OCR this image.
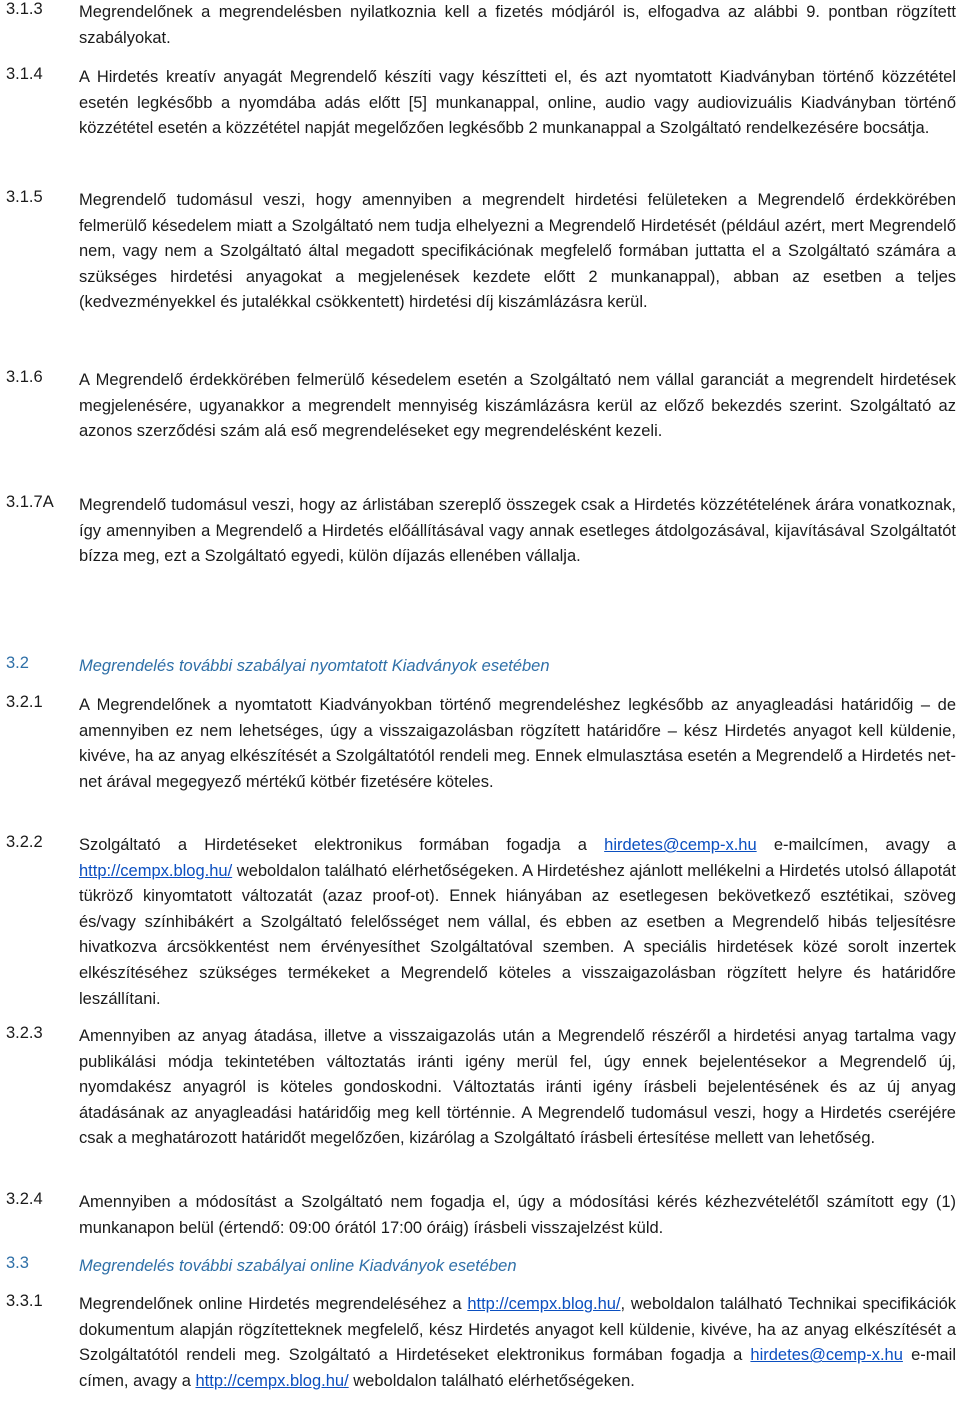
3.1.3 Megrendelőnek a megrendelésben nyilatkoznia kell a fizetés módjáról is, elfogadva az alábbi 9. pontban rögzített szabályokat.
3.1.4 A Hirdetés kreatív anyagát Megrendelő készíti vagy készítteti el, és azt nyomtatott Kiadványban történő közzététel esetén legkésőbb a nyomdába adás előtt [5] munkanappal, online, audio vagy audiovizuális Kiadványban történő közzététel esetén a közzététel napját megelőzően legkésőbb 2 munkanappal a Szolgáltató rendelkezésére bocsátja.
3.1.5 Megrendelő tudomásul veszi, hogy amennyiben a megrendelt hirdetési felületeken a Megrendelő érdekkörében felmerülő késedelem miatt a Szolgáltató nem tudja elhelyezni a Megrendelő Hirdetését (például azért, mert Megrendelő nem, vagy nem a Szolgáltató által megadott specifikációnak megfelelő formában juttatta el a Szolgáltató számára a szükséges hirdetési anyagokat a megjelenések kezdete előtt 2 munkanappal), abban az esetben a teljes (kedvezményekkel és jutalékkal csökkentett) hirdetési díj kiszámlázásra kerül.
3.1.6 A Megrendelő érdekkörében felmerülő késedelem esetén a Szolgáltató nem vállal garanciát a megrendelt hirdetések megjelenésére, ugyanakkor a megrendelt mennyiség kiszámlázásra kerül az előző bekezdés szerint. Szolgáltató az azonos szerződési szám alá eső megrendeléseket egy megrendelésként kezeli.
3.1.7A Megrendelő tudomásul veszi, hogy az árlistában szereplő összegek csak a Hirdetés közzétételének árára vonatkoznak, így amennyiben a Megrendelő a Hirdetés előállításával vagy annak esetleges átdolgozásával, kijavításával Szolgáltatót bízza meg, ezt a Szolgáltató egyedi, külön díjazás ellenében vállalja.
3.2	Megrendelés további szabályai nyomtatott Kiadványok esetében
3.2.1 A Megrendelőnek a nyomtatott Kiadványokban történő megrendeléshez legkésőbb az anyagleadási határidőig – de amennyiben ez nem lehetséges, úgy a visszaigazolásban rögzített határidőre – kész Hirdetés anyagot kell küldenie, kivéve, ha az anyag elkészítését a Szolgáltatótól rendeli meg. Ennek elmulasztása esetén a Megrendelő a Hirdetés net-net árával megegyező mértékű kötbér fizetésére köteles.
3.2.2 Szolgáltató a Hirdetéseket elektronikus formában fogadja a hirdetes@cemp-x.hu e-mailcímen, avagy a http://cempx.blog.hu/ weboldalon található elérhetőségeken. A Hirdetéshez ajánlott mellékelni a Hirdetés utolsó állapotát tükröző kinyomtatott változatát (azaz proof-ot). Ennek hiányában az esetlegesen bekövetkező esztétikai, szöveg és/vagy színhibákért a Szolgáltató felelősséget nem vállal, és ebben az esetben a Megrendelő hibás teljesítésre hivatkozva árcsökkentést nem érvényesíthet Szolgáltatóval szemben. A speciális hirdetések közé sorolt inzertek elkészítéséhez szükséges termékeket a Megrendelő köteles a visszaigazolásban rögzített helyre és határidőre leszállítani.
3.2.3 Amennyiben az anyag átadása, illetve a visszaigazolás után a Megrendelő részéről a hirdetési anyag tartalma vagy publikálási módja tekintetében változtatás iránti igény merül fel, úgy ennek bejelentésekor a Megrendelő új, nyomdakész anyagról is köteles gondoskodni. Változtatás iránti igény írásbeli bejelentésének és az új anyag átadásának az anyagleadási határidőig meg kell történnie. A Megrendelő tudomásul veszi, hogy a Hirdetés cseréjére csak a meghatározott határidőt megelőzően, kizárólag a Szolgáltató írásbeli értesítése mellett van lehetőség.
3.2.4 Amennyiben a módosítást a Szolgáltató nem fogadja el, úgy a módosítási kérés kézhezvételétől számított egy (1) munkanapon belül (értendő: 09:00 órától 17:00 óráig) írásbeli visszajelzést küld.
3.3	Megrendelés további szabályai online Kiadványok esetében
3.3.1 Megrendelőnek online Hirdetés megrendeléséhez a http://cempx.blog.hu/, weboldalon található Technikai specifikációk dokumentum alapján rögzítetteknek megfelelő, kész Hirdetés anyagot kell küldenie, kivéve, ha az anyag elkészítését a Szolgáltatótól rendeli meg. Szolgáltató a Hirdetéseket elektronikus formában fogadja a hirdetes@cemp-x.hu e-mail címen, avagy a http://cempx.blog.hu/ weboldalon található elérhetőségeken.
